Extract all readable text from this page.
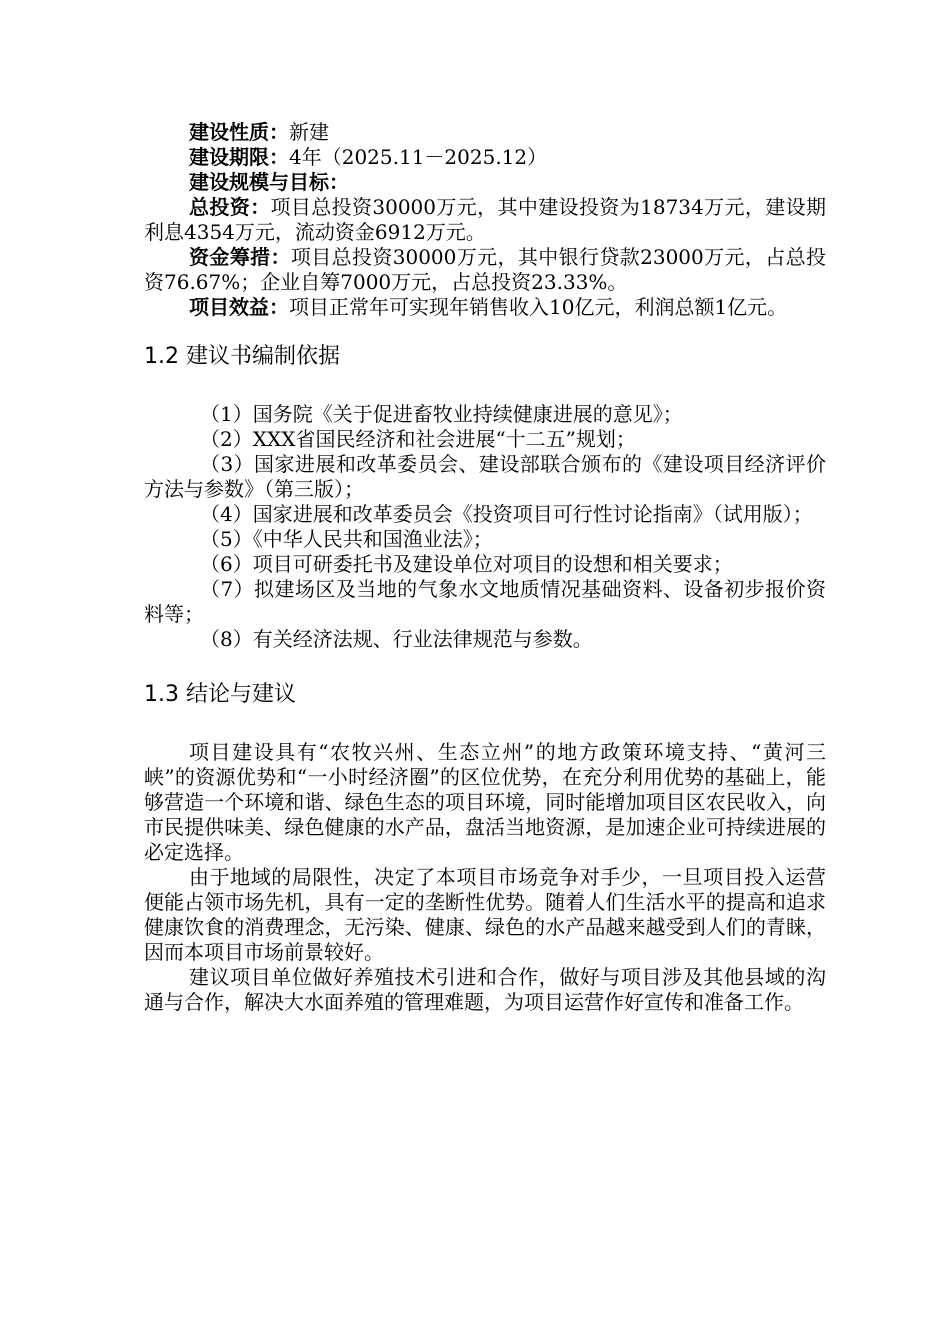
建设性质：新建

建设期限：4年（2025.11－2025.12）

建设规模与目标：

总投资：项目总投资30000万元，其中建设投资为18734万元，建设期利息4354万元，流动资金6912万元。

资金筹措：项目总投资30000万元，其中银行贷款23000万元，占总投资76.67%；企业自筹7000万元，占总投资23.33%。

项目效益：项目正常年可实现年销售收入10亿元，利润总额1亿元。

1.2 建议书编制依据

（1）国务院《关于促进畜牧业持续健康进展的意见》；

（2）XXX省国民经济和社会进展“十二五”规划；

（3）国家进展和改革委员会、建设部联合颁布的《建设项目经济评价方法与参数》（第三版）；

（4）国家进展和改革委员会《投资项目可行性讨论指南》（试用版）；

（5）《中华人民共和国渔业法》；

（6）项目可研委托书及建设单位对项目的设想和相关要求；

（7）拟建场区及当地的气象水文地质情况基础资料、设备初步报价资料等；

（8）有关经济法规、行业法律规范与参数。

1.3 结论与建议

项目建设具有“农牧兴州、生态立州”的地方政策环境支持、“黄河三峡”的资源优势和“一小时经济圈”的区位优势，在充分利用优势的基础上，能够营造一个环境和谐、绿色生态的项目环境，同时能增加项目区农民收入，向市民提供味美、绿色健康的水产品，盘活当地资源，是加速企业可持续进展的必定选择。

由于地域的局限性，决定了本项目市场竞争对手少，一旦项目投入运营便能占领市场先机，具有一定的垄断性优势。随着人们生活水平的提高和追求健康饮食的消费理念，无污染、健康、绿色的水产品越来越受到人们的青睐，因而本项目市场前景较好。

建议项目单位做好养殖技术引进和合作，做好与项目涉及其他县域的沟通与合作，解决大水面养殖的管理难题，为项目运营作好宣传和准备工作。
